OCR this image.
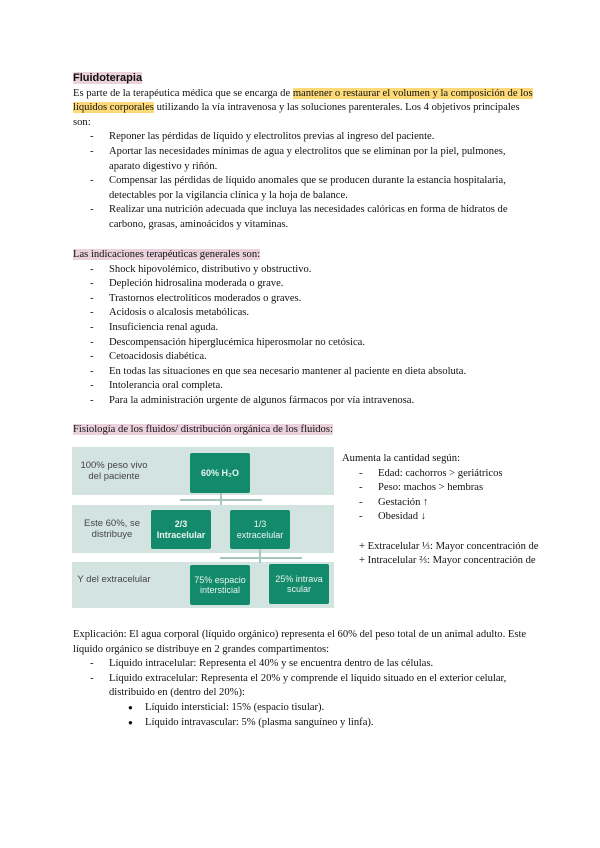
Fluidoterapia

Es parte de la terapéutica médica que se encarga de mantener o restaurar el volumen y la composición de los líquidos corporales utilizando la vía intravenosa y las soluciones parenterales. Los 4 objetivos principales son:

- Reponer las pérdidas de líquido y electrolitos previas al ingreso del paciente.
- Aportar las necesidades mínimas de agua y electrolitos que se eliminan por la piel, pulmones, aparato digestivo y riñón.
- Compensar las pérdidas de líquido anomales que se producen durante la estancia hospitalaria, detectables por la vigilancia clínica y la hoja de balance.
- Realizar una nutrición adecuada que incluya las necesidades calóricas en forma de hidratos de carbono, grasas, aminoácidos y vitaminas.

Las indicaciones terapéuticas generales son:

- Shock hipovolémico, distributivo y obstructivo.
- Depleción hidrosalina moderada o grave.
- Trastornos electrolíticos moderados o graves.
- Acidosis o alcalosis metabólicas.
- Insuficiencia renal aguda.
- Descompensación hiperglucémica hiperosmolar no cetósica.
- Cetoacidosis diabética.
- En todas las situaciones en que sea necesario mantener al paciente en dieta absoluta.
- Intolerancia oral completa.
- Para la administración urgente de algunos fármacos por vía intravenosa.

Fisiología de los fluidos/ distribución orgánica de los fluidos:

100% peso vivo del paciente
Este 60%, se distribuye
Y del extracelular
60% H₂O
2/3 Intracelular
1/3 extracelular
75% espacio intersticial
25% intravascular

Aumenta la cantidad según:

- Edad: cachorros > geriátricos
- Peso: machos > hembras
- Gestación ↑
- Obesidad ↓

+ Extracelular ⅓: Mayor concentración de

+ Intracelular ⅔: Mayor concentración de

Explicación: El agua corporal (líquido orgánico) representa el 60% del peso total de un animal adulto. Este líquido orgánico se distribuye en 2 grandes compartimentos:

- Líquido intracelular: Representa el 40% y se encuentra dentro de las células.
- Líquido extracelular: Representa el 20% y comprende el líquido situado en el exterior celular, distribuido en (dentro del 20%):
● Líquido intersticial: 15% (espacio tisular).
● Líquido intravascular: 5% (plasma sanguíneo y linfa).
